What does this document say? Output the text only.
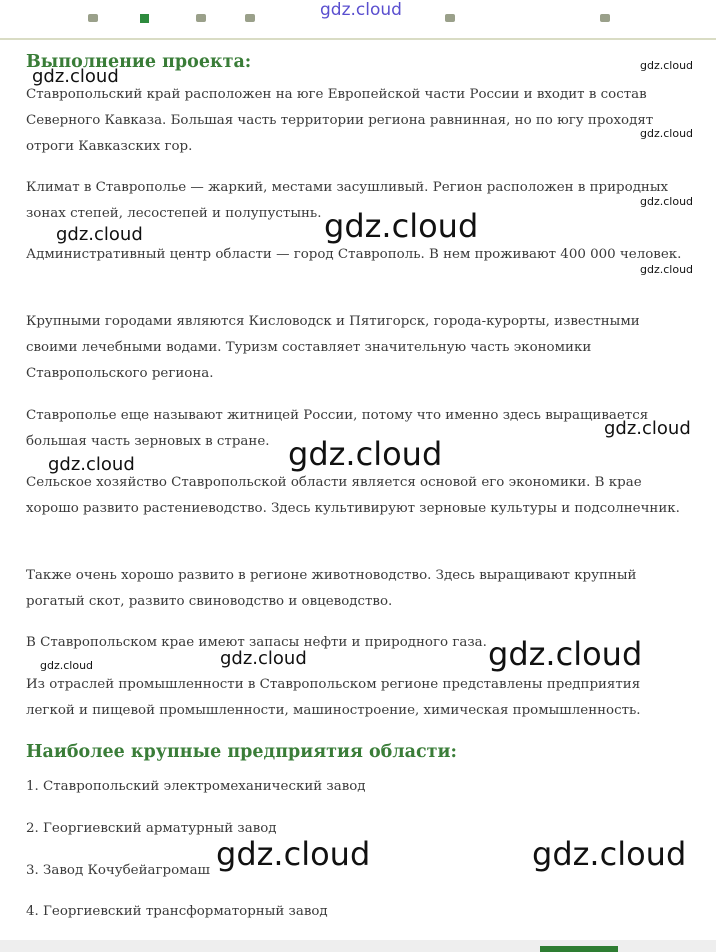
gdz.cloud
Выполнение проекта:

Ставропольский край расположен на юге Европейской части России и входит в состав Северного Кавказа. Большая часть территории региона равнинная, но по югу проходят отроги Кавказских гор.

Климат в Ставрополье — жаркий, местами засушливый. Регион расположен в природных зонах степей, лесостепей и полупустынь.

Административный центр области — город Ставрополь. В нем проживают 400 000 человек.

Крупными городами являются Кисловодск и Пятигорск, города-курорты, известными своими лечебными водами. Туризм составляет значительную часть экономики Ставропольского региона.

Ставрополье еще называют житницей России, потому что именно здесь выращивается большая часть зерновых в стране.

Сельское хозяйство Ставропольской области является основой его экономики. В крае хорошо развито растениеводство. Здесь культивируют зерновые культуры и подсолнечник.

Также очень хорошо развито в регионе животноводство. Здесь выращивают крупный рогатый скот, развито свиноводство и овцеводство.

В Ставропольском крае имеют запасы нефти и природного газа.

Из отраслей промышленности в Ставропольском регионе представлены предприятия легкой и пищевой промышленности, машиностроение, химическая промышленность.

Наиболее крупные предприятия области:
1. Ставропольский электромеханический завод
2. Георгиевский арматурный завод
3. Завод Кочубейагромаш
4. Георгиевский трансформаторный завод
gdz.cloud
gdz.cloud
gdz.cloud
gdz.cloud
gdz.cloud
gdz.cloud	gdz.cloud
gdz.cloud
gdz.cloud	gdz.cloud
gdz.cloud
gdz.cloud	gdz.cloud
gdz.cloud	gdz.cloud
